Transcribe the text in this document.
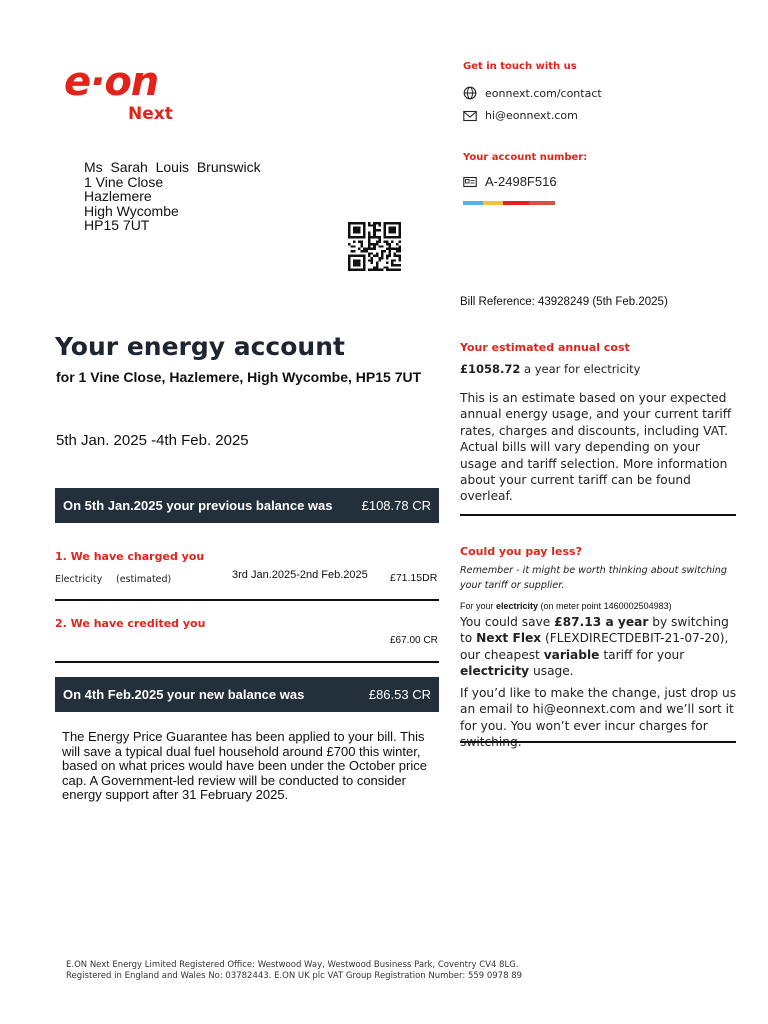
e·on
Next
Get in touch with us
eonnext.com/contact
hi@eonnext.com
Your account number:
A-2498F516
Ms  Sarah  Louis  Brunswick
1 Vine Close
Hazlemere
High Wycombe
HP15 7UT
Bill Reference: 43928249 (5th Feb.2025)
Your energy account
for 1 Vine Close, Hazlemere, High Wycombe, HP15 7UT
5th Jan. 2025 -4th Feb. 2025
On 5th Jan.2025 your previous balance was £108.78 CR
1. We have charged you
Electricity (estimated)	3rd Jan.2025-2nd Feb.2025 £71.15DR
2. We have credited you
£67.00 CR
On 4th Feb.2025 your new balance was	£86.53 CR
The Energy Price Guarantee has been applied to your bill. This will save a typical dual fuel household around £700 this winter, based on what prices would have been under the October price cap. A Government-led review will be conducted to consider energy support after 31 February 2025.
Your estimated annual cost
£1058.72 a year for electricity
This is an estimate based on your expected annual energy usage, and your current tariff rates, charges and discounts, including VAT. Actual bills will vary depending on your usage and tariff selection. More information about your current tariff can be found overleaf.
Could you pay less?
Remember - it might be worth thinking about switching your tariff or supplier.
For your electricity (on meter point 1460002504983)
You could save £87.13 a year by switching to Next Flex (FLEXDIRECTDEBIT-21-07-20), our cheapest variable tariff for your electricity usage.
If you’d like to make the change, just drop us an email to hi@eonnext.com and we’ll sort it for you. You won’t ever incur charges for
E.ON Next Energy Limited Registered Office: Westwood Way, Westwood Business Park, Coventry CV4 8LG.
Registered in England and Wales No: 03782443. E.ON UK plc VAT Group Registration Number: 559 0978 89
